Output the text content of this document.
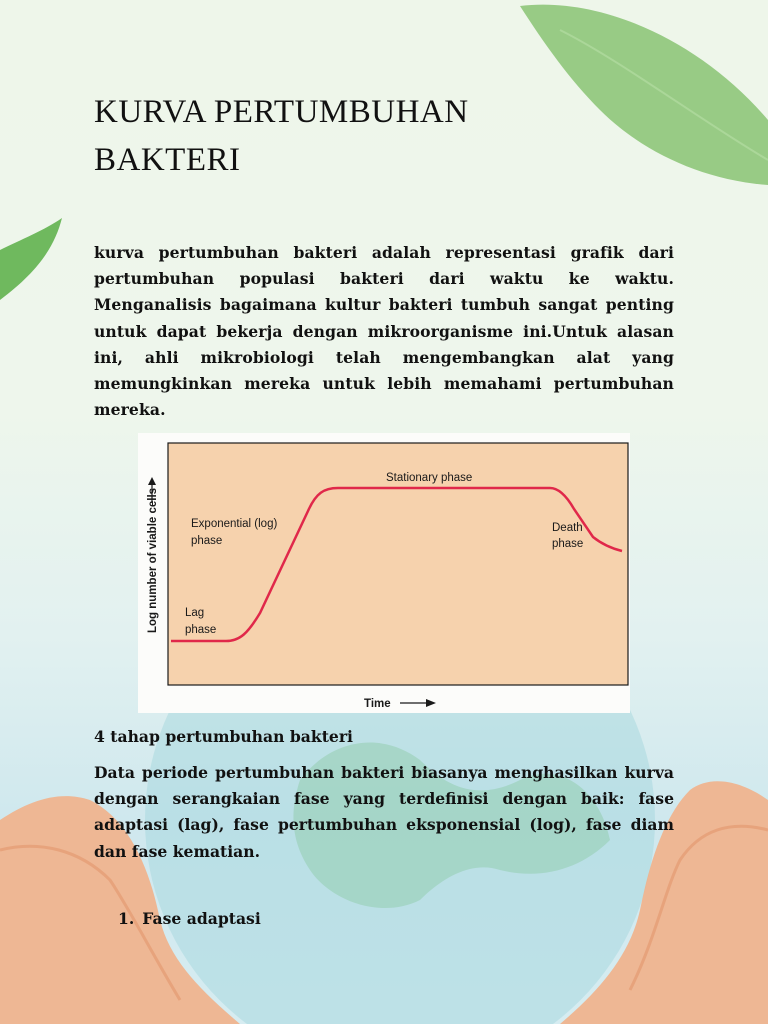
KURVA PERTUMBUHAN BAKTERI

kurva pertumbuhan bakteri adalah representasi grafik dari pertumbuhan populasi bakteri dari waktu ke waktu. Menganalisis bagaimana kultur bakteri tumbuh sangat penting untuk dapat bekerja dengan mikroorganisme ini.Untuk alasan ini, ahli mikrobiologi telah mengembangkan alat yang memungkinkan mereka untuk lebih memahami pertumbuhan mereka.

Log number of viable cells
Time
Lag phase
Exponential (log) phase
Stationary phase
Death phase

4 tahap pertumbuhan bakteri

Data periode pertumbuhan bakteri biasanya menghasilkan kurva dengan serangkaian fase yang terdefinisi dengan baik: fase adaptasi (lag), fase pertumbuhan eksponensial (log), fase diam dan fase kematian.

1. Fase adaptasi
